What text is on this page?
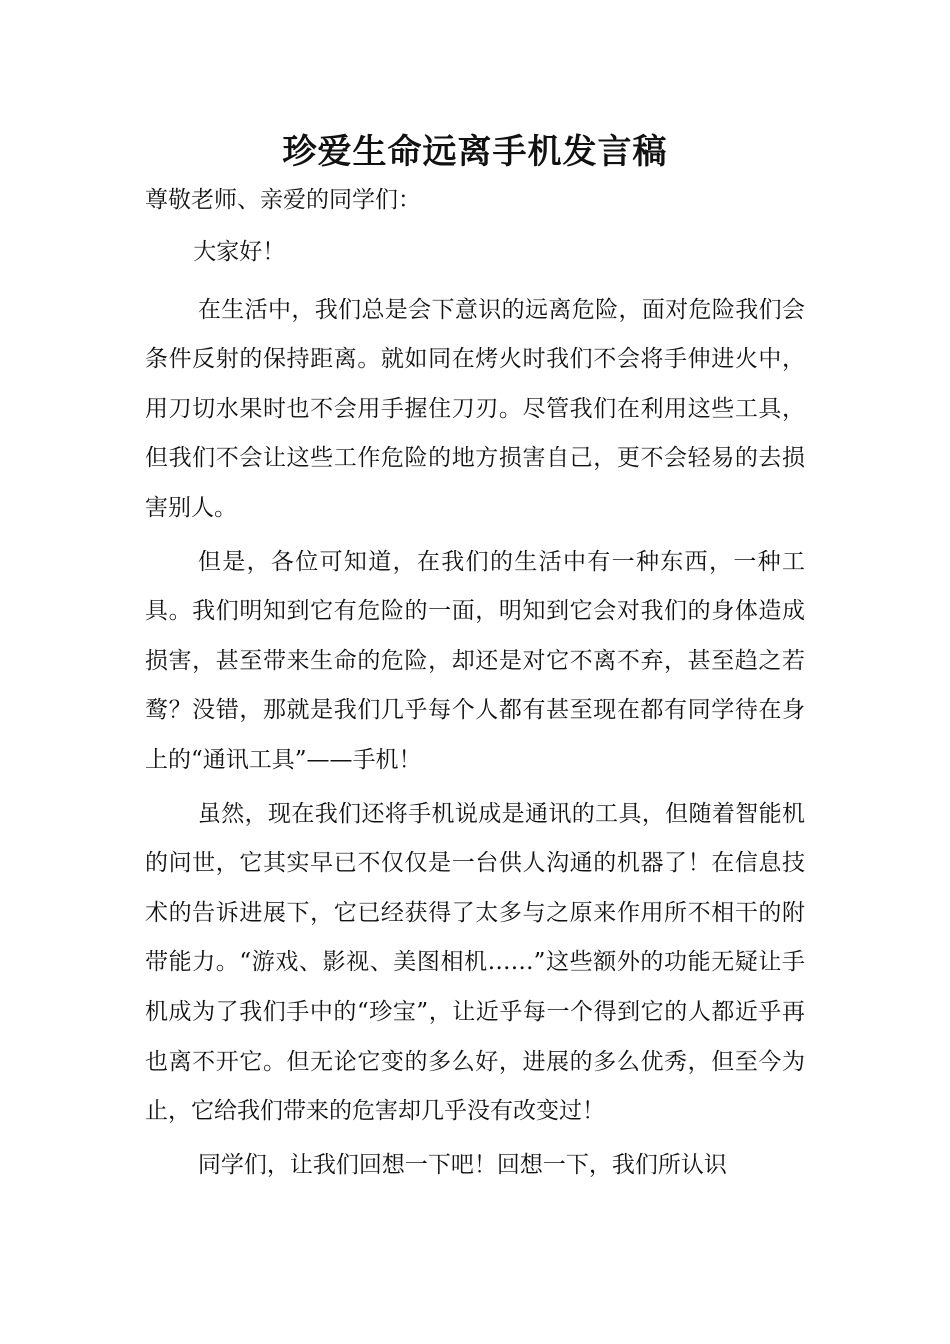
珍爱生命远离手机发言稿

尊敬老师、亲爱的同学们：

大家好！

在生活中，我们总是会下意识的远离危险，面对危险我们会条件反射的保持距离。就如同在烤火时我们不会将手伸进火中，用刀切水果时也不会用手握住刀刃。尽管我们在利用这些工具，但我们不会让这些工作危险的地方损害自己，更不会轻易的去损害别人。

但是，各位可知道，在我们的生活中有一种东西，一种工具。我们明知到它有危险的一面，明知到它会对我们的身体造成损害，甚至带来生命的危险，却还是对它不离不弃，甚至趋之若鹜？没错，那就是我们几乎每个人都有甚至现在都有同学待在身上的“通讯工具”——手机！

虽然，现在我们还将手机说成是通讯的工具，但随着智能机的问世，它其实早已不仅仅是一台供人沟通的机器了！在信息技术的告诉进展下，它已经获得了太多与之原来作用所不相干的附带能力。“游戏、影视、美图相机……”这些额外的功能无疑让手机成为了我们手中的“珍宝”，让近乎每一个得到它的人都近乎再也离不开它。但无论它变的多么好，进展的多么优秀，但至今为止，它给我们带来的危害却几乎没有改变过！

同学们，让我们回想一下吧！回想一下，我们所认识
